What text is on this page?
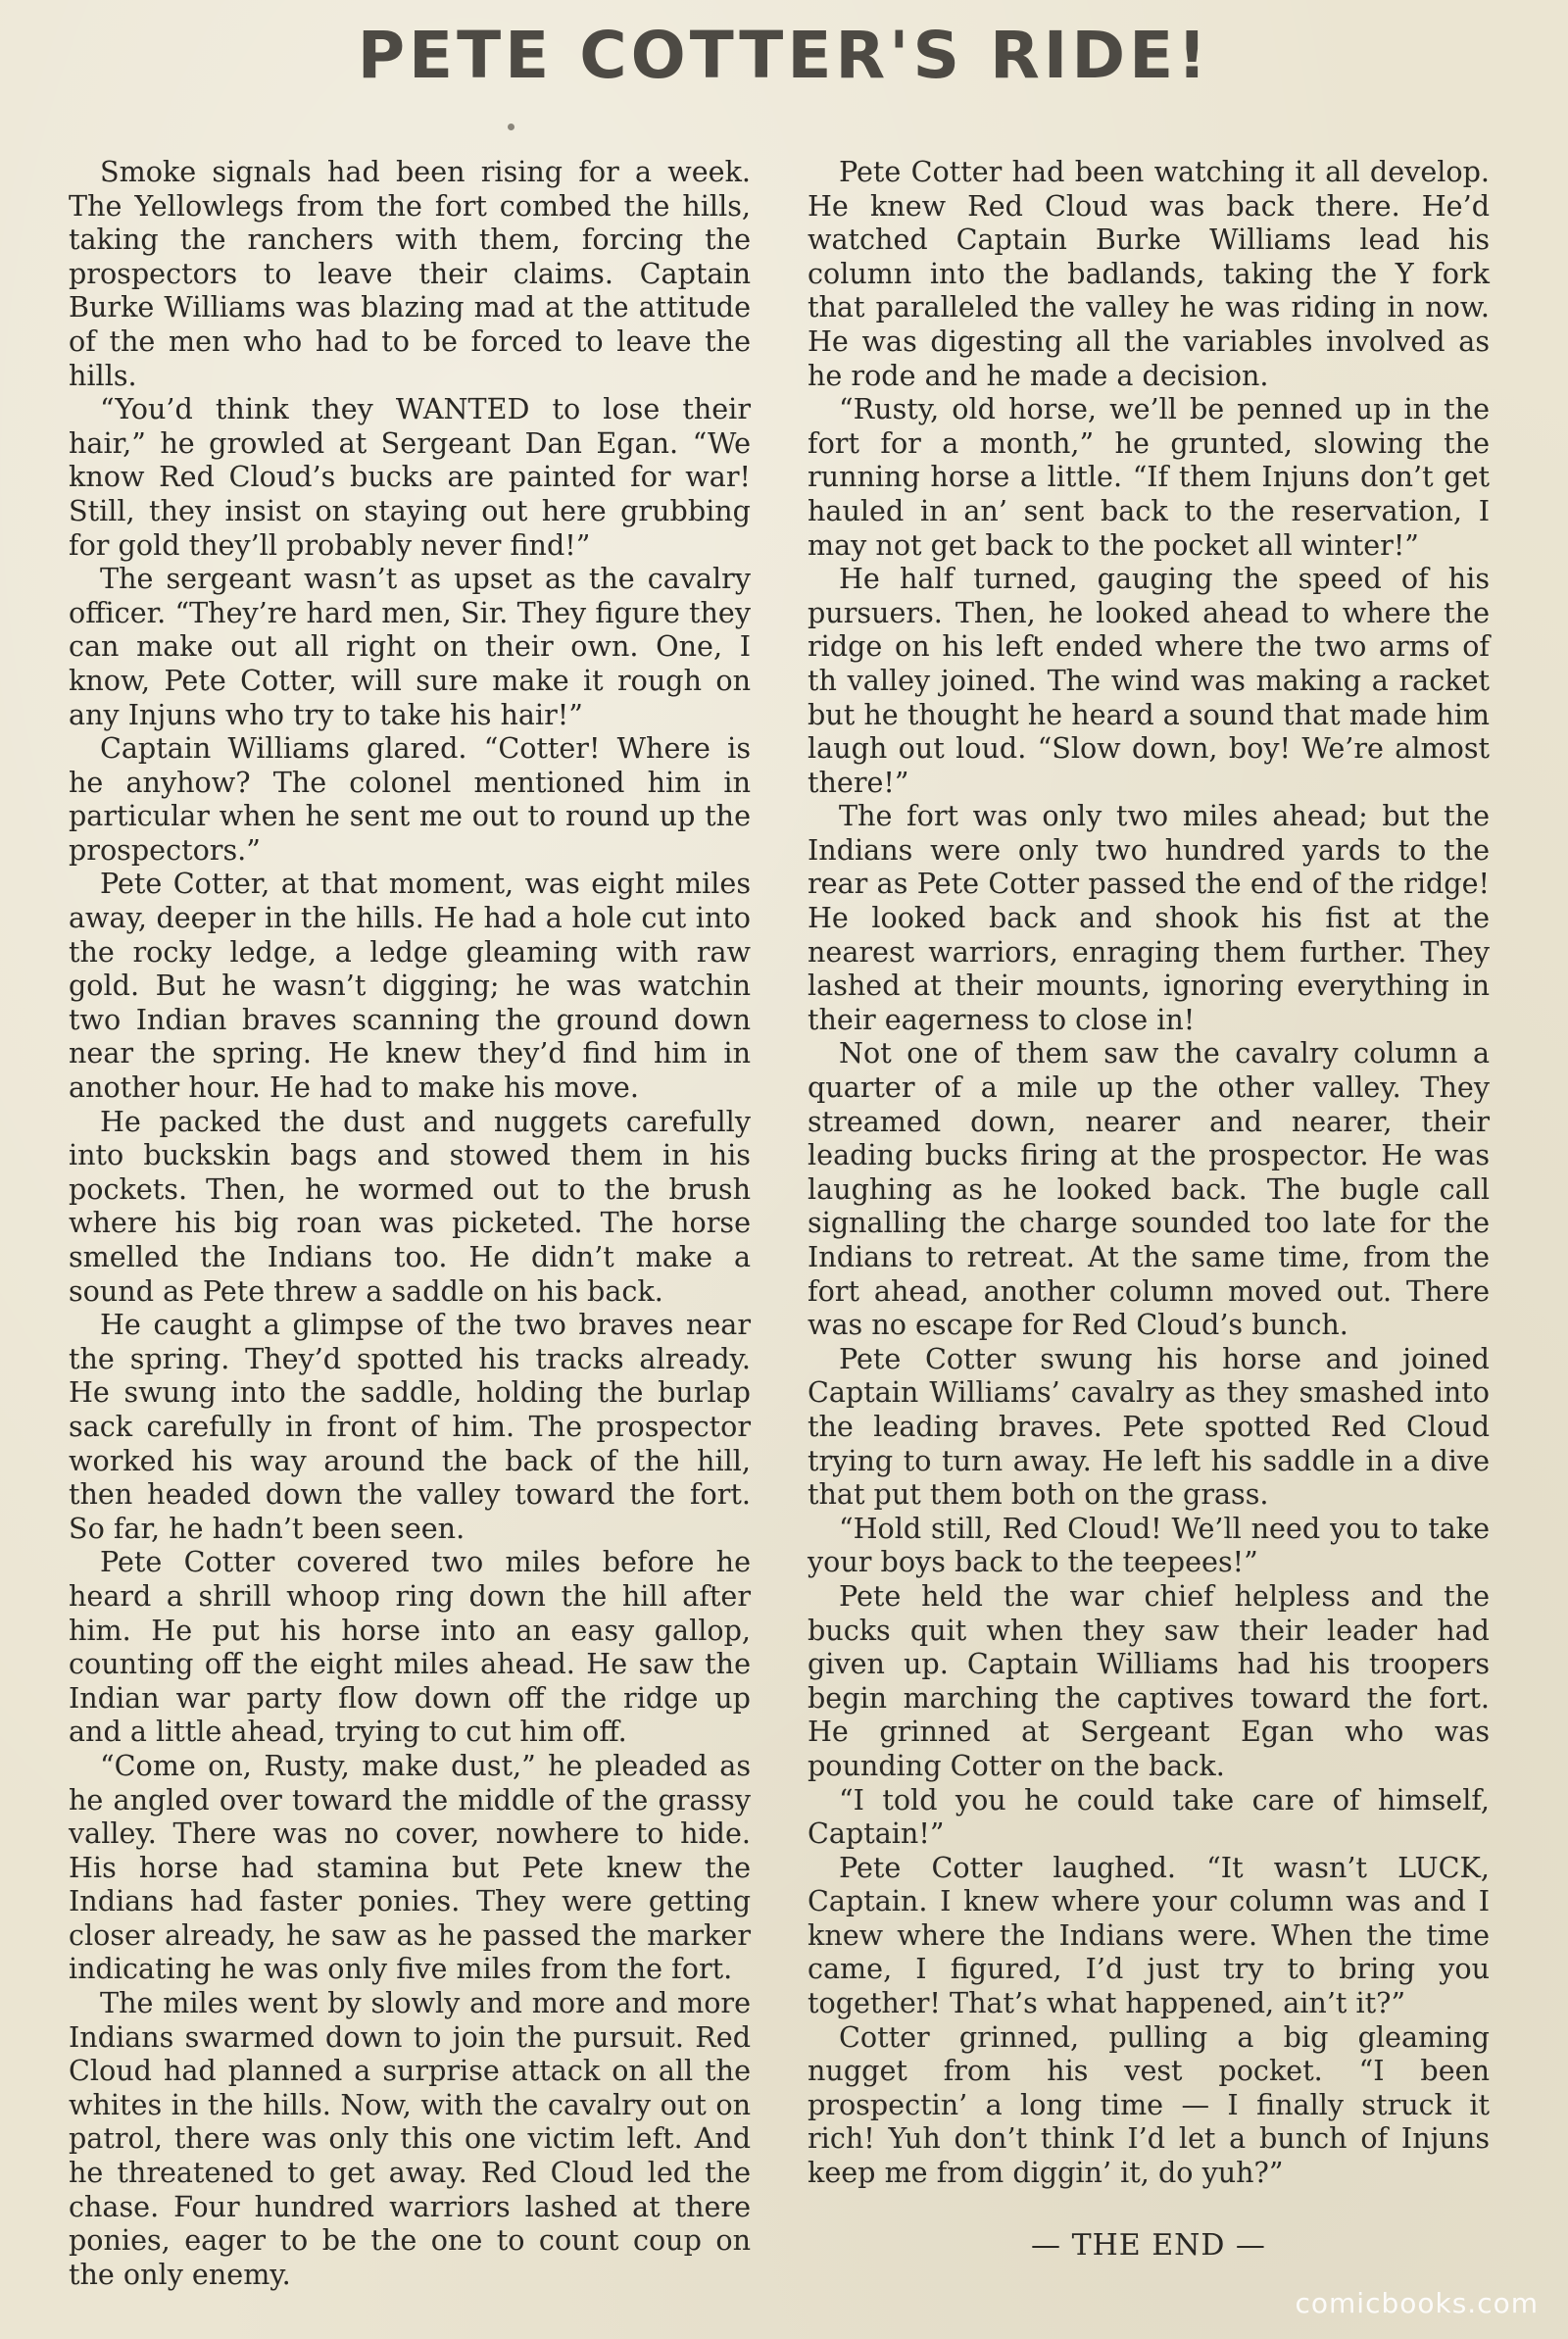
PETE COTTER'S RIDE!

Smoke signals had been rising for a week. The Yellowlegs from the fort combed the hills, taking the ranchers with them, forcing the prospectors to leave their claims. Captain Burke Williams was blazing mad at the attitude of the men who had to be forced to leave the hills.

“You’d think they WANTED to lose their hair,” he growled at Sergeant Dan Egan. “We know Red Cloud’s bucks are painted for war! Still, they insist on staying out here grubbing for gold they’ll probably never find!”

The sergeant wasn’t as upset as the cavalry officer. “They’re hard men, Sir. They figure they can make out all right on their own. One, I know, Pete Cotter, will sure make it rough on any Injuns who try to take his hair!”

Captain Williams glared. “Cotter! Where is he anyhow? The colonel mentioned him in particular when he sent me out to round up the prospectors.”

Pete Cotter, at that moment, was eight miles away, deeper in the hills. He had a hole cut into the rocky ledge, a ledge gleaming with raw gold. But he wasn’t digging; he was watchin two Indian braves scanning the ground down near the spring. He knew they’d find him in another hour. He had to make his move.

He packed the dust and nuggets carefully into buckskin bags and stowed them in his pockets. Then, he wormed out to the brush where his big roan was picketed. The horse smelled the Indians too. He didn’t make a sound as Pete threw a saddle on his back.

He caught a glimpse of the two braves near the spring. They’d spotted his tracks already. He swung into the saddle, holding the burlap sack carefully in front of him. The prospector worked his way around the back of the hill, then headed down the valley toward the fort. So far, he hadn’t been seen.

Pete Cotter covered two miles before he heard a shrill whoop ring down the hill after him. He put his horse into an easy gallop, counting off the eight miles ahead. He saw the Indian war party flow down off the ridge up and a little ahead, trying to cut him off.

“Come on, Rusty, make dust,” he pleaded as he angled over toward the middle of the grassy valley. There was no cover, nowhere to hide. His horse had stamina but Pete knew the Indians had faster ponies. They were getting closer already, he saw as he passed the marker indicating he was only five miles from the fort.

The miles went by slowly and more and more Indians swarmed down to join the pursuit. Red Cloud had planned a surprise attack on all the whites in the hills. Now, with the cavalry out on patrol, there was only this one victim left. And he threatened to get away. Red Cloud led the chase. Four hundred warriors lashed at there ponies, eager to be the one to count coup on the only enemy.

Pete Cotter had been watching it all develop. He knew Red Cloud was back there. He’d watched Captain Burke Williams lead his column into the badlands, taking the Y fork that paralleled the valley he was riding in now. He was digesting all the variables involved as he rode and he made a decision.

“Rusty, old horse, we’ll be penned up in the fort for a month,” he grunted, slowing the running horse a little. “If them Injuns don’t get hauled in an’ sent back to the reservation, I may not get back to the pocket all winter!”

He half turned, gauging the speed of his pursuers. Then, he looked ahead to where the ridge on his left ended where the two arms of th valley joined. The wind was making a racket but he thought he heard a sound that made him laugh out loud. “Slow down, boy! We’re almost there!”

The fort was only two miles ahead; but the Indians were only two hundred yards to the rear as Pete Cotter passed the end of the ridge! He looked back and shook his fist at the nearest warriors, enraging them further. They lashed at their mounts, ignoring everything in their eagerness to close in!

Not one of them saw the cavalry column a quarter of a mile up the other valley. They streamed down, nearer and nearer, their leading bucks firing at the prospector. He was laughing as he looked back. The bugle call signalling the charge sounded too late for the Indians to retreat. At the same time, from the fort ahead, another column moved out. There was no escape for Red Cloud’s bunch.

Pete Cotter swung his horse and joined Captain Williams’ cavalry as they smashed into the leading braves. Pete spotted Red Cloud trying to turn away. He left his saddle in a dive that put them both on the grass.

“Hold still, Red Cloud! We’ll need you to take your boys back to the teepees!”

Pete held the war chief helpless and the bucks quit when they saw their leader had given up. Captain Williams had his troopers begin marching the captives toward the fort. He grinned at Sergeant Egan who was pounding Cotter on the back.

“I told you he could take care of himself, Captain!”

Pete Cotter laughed. “It wasn’t LUCK, Captain. I knew where your column was and I knew where the Indians were. When the time came, I figured, I’d just try to bring you together! That’s what happened, ain’t it?”

Cotter grinned, pulling a big gleaming nugget from his vest pocket. “I been prospectin’ a long time — I finally struck it rich! Yuh don’t think I’d let a bunch of Injuns keep me from diggin’ it, do yuh?”

— THE END —

comicbooks.com
